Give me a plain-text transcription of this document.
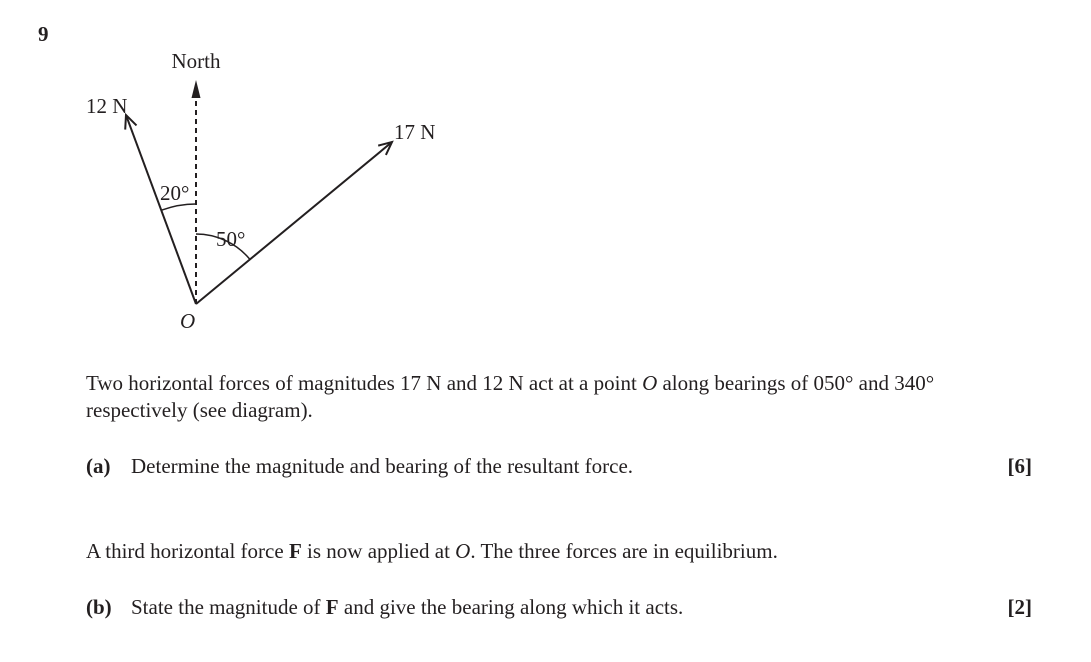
9
North
12 N
17 N
20°
50°
O
Two horizontal forces of magnitudes 17 N and 12 N act at a point O along bearings of 050° and 340° respectively (see diagram).
(a) Determine the magnitude and bearing of the resultant force.	[6]
A third horizontal force F is now applied at O. The three forces are in equilibrium.
(b) State the magnitude of F and give the bearing along which it acts.	[2]
